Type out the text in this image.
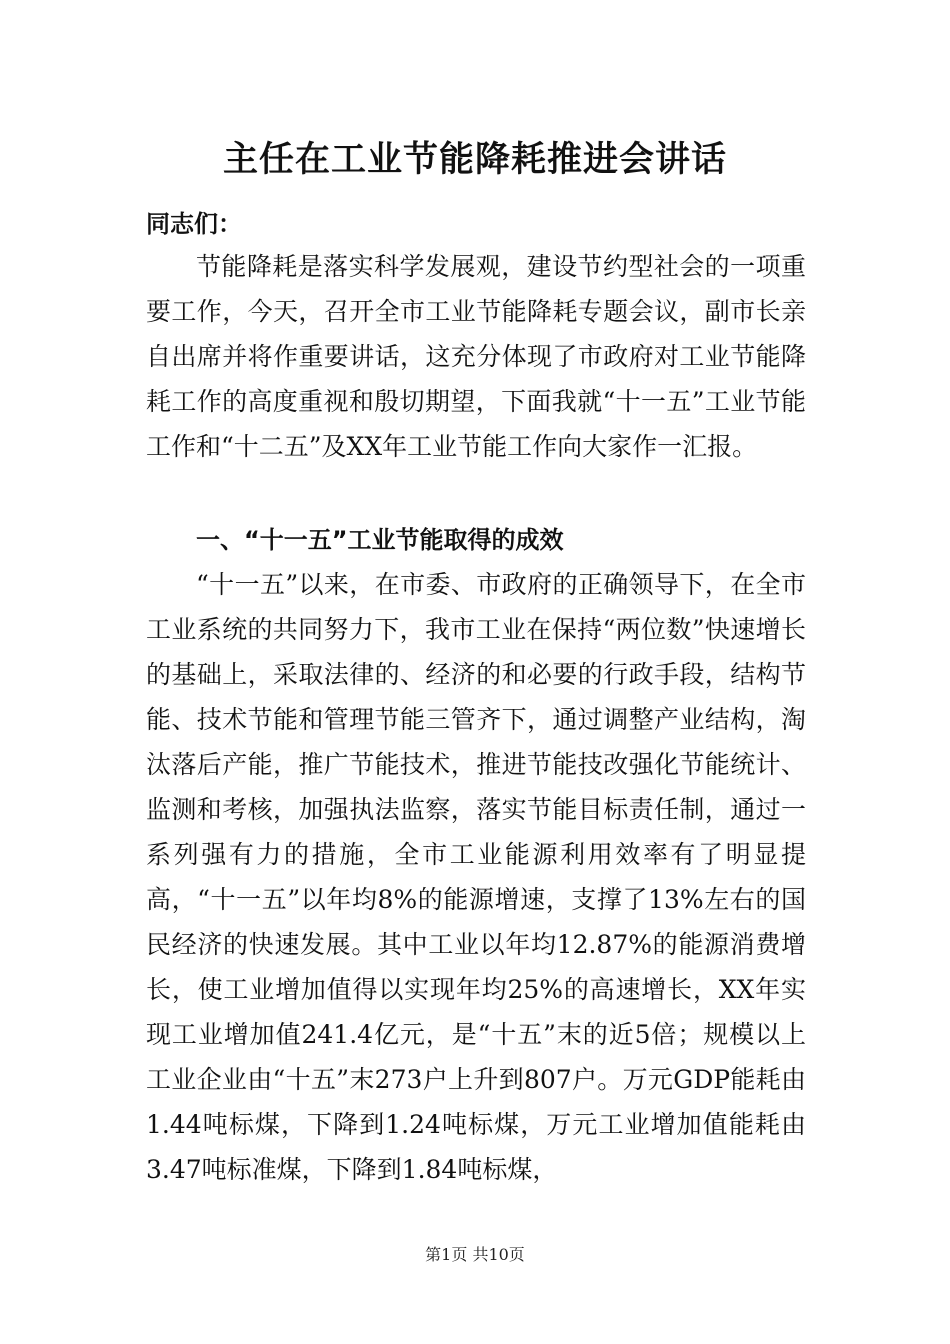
主任在工业节能降耗推进会讲话
同志们：

节能降耗是落实科学发展观，建设节约型社会的一项重要工作，今天，召开全市工业节能降耗专题会议，副市长亲自出席并将作重要讲话，这充分体现了市政府对工业节能降耗工作的高度重视和殷切期望，下面我就“十一五”工业节能工作和“十二五”及XX年工业节能工作向大家作一汇报。

一、“十一五”工业节能取得的成效

“十一五”以来，在市委、市政府的正确领导下，在全市工业系统的共同努力下，我市工业在保持“两位数”快速增长的基础上，采取法律的、经济的和必要的行政手段，结构节能、技术节能和管理节能三管齐下，通过调整产业结构，淘汰落后产能，推广节能技术，推进节能技改强化节能统计、监测和考核，加强执法监察，落实节能目标责任制，通过一系列强有力的措施，全市工业能源利用效率有了明显提高，“十一五”以年均8%的能源增速，支撑了13%左右的国民经济的快速发展。其中工业以年均12.87%的能源消费增长，使工业增加值得以实现年均25%的高速增长，XX年实现工业增加值241.4亿元，是“十五”末的近5倍；规模以上工业企业由“十五”末273户上升到807户。万元GDP能耗由1.44吨标煤，下降到1.24吨标煤，万元工业增加值能耗由3.47吨标准煤，下降到1.84吨标煤，

第1页 共10页
